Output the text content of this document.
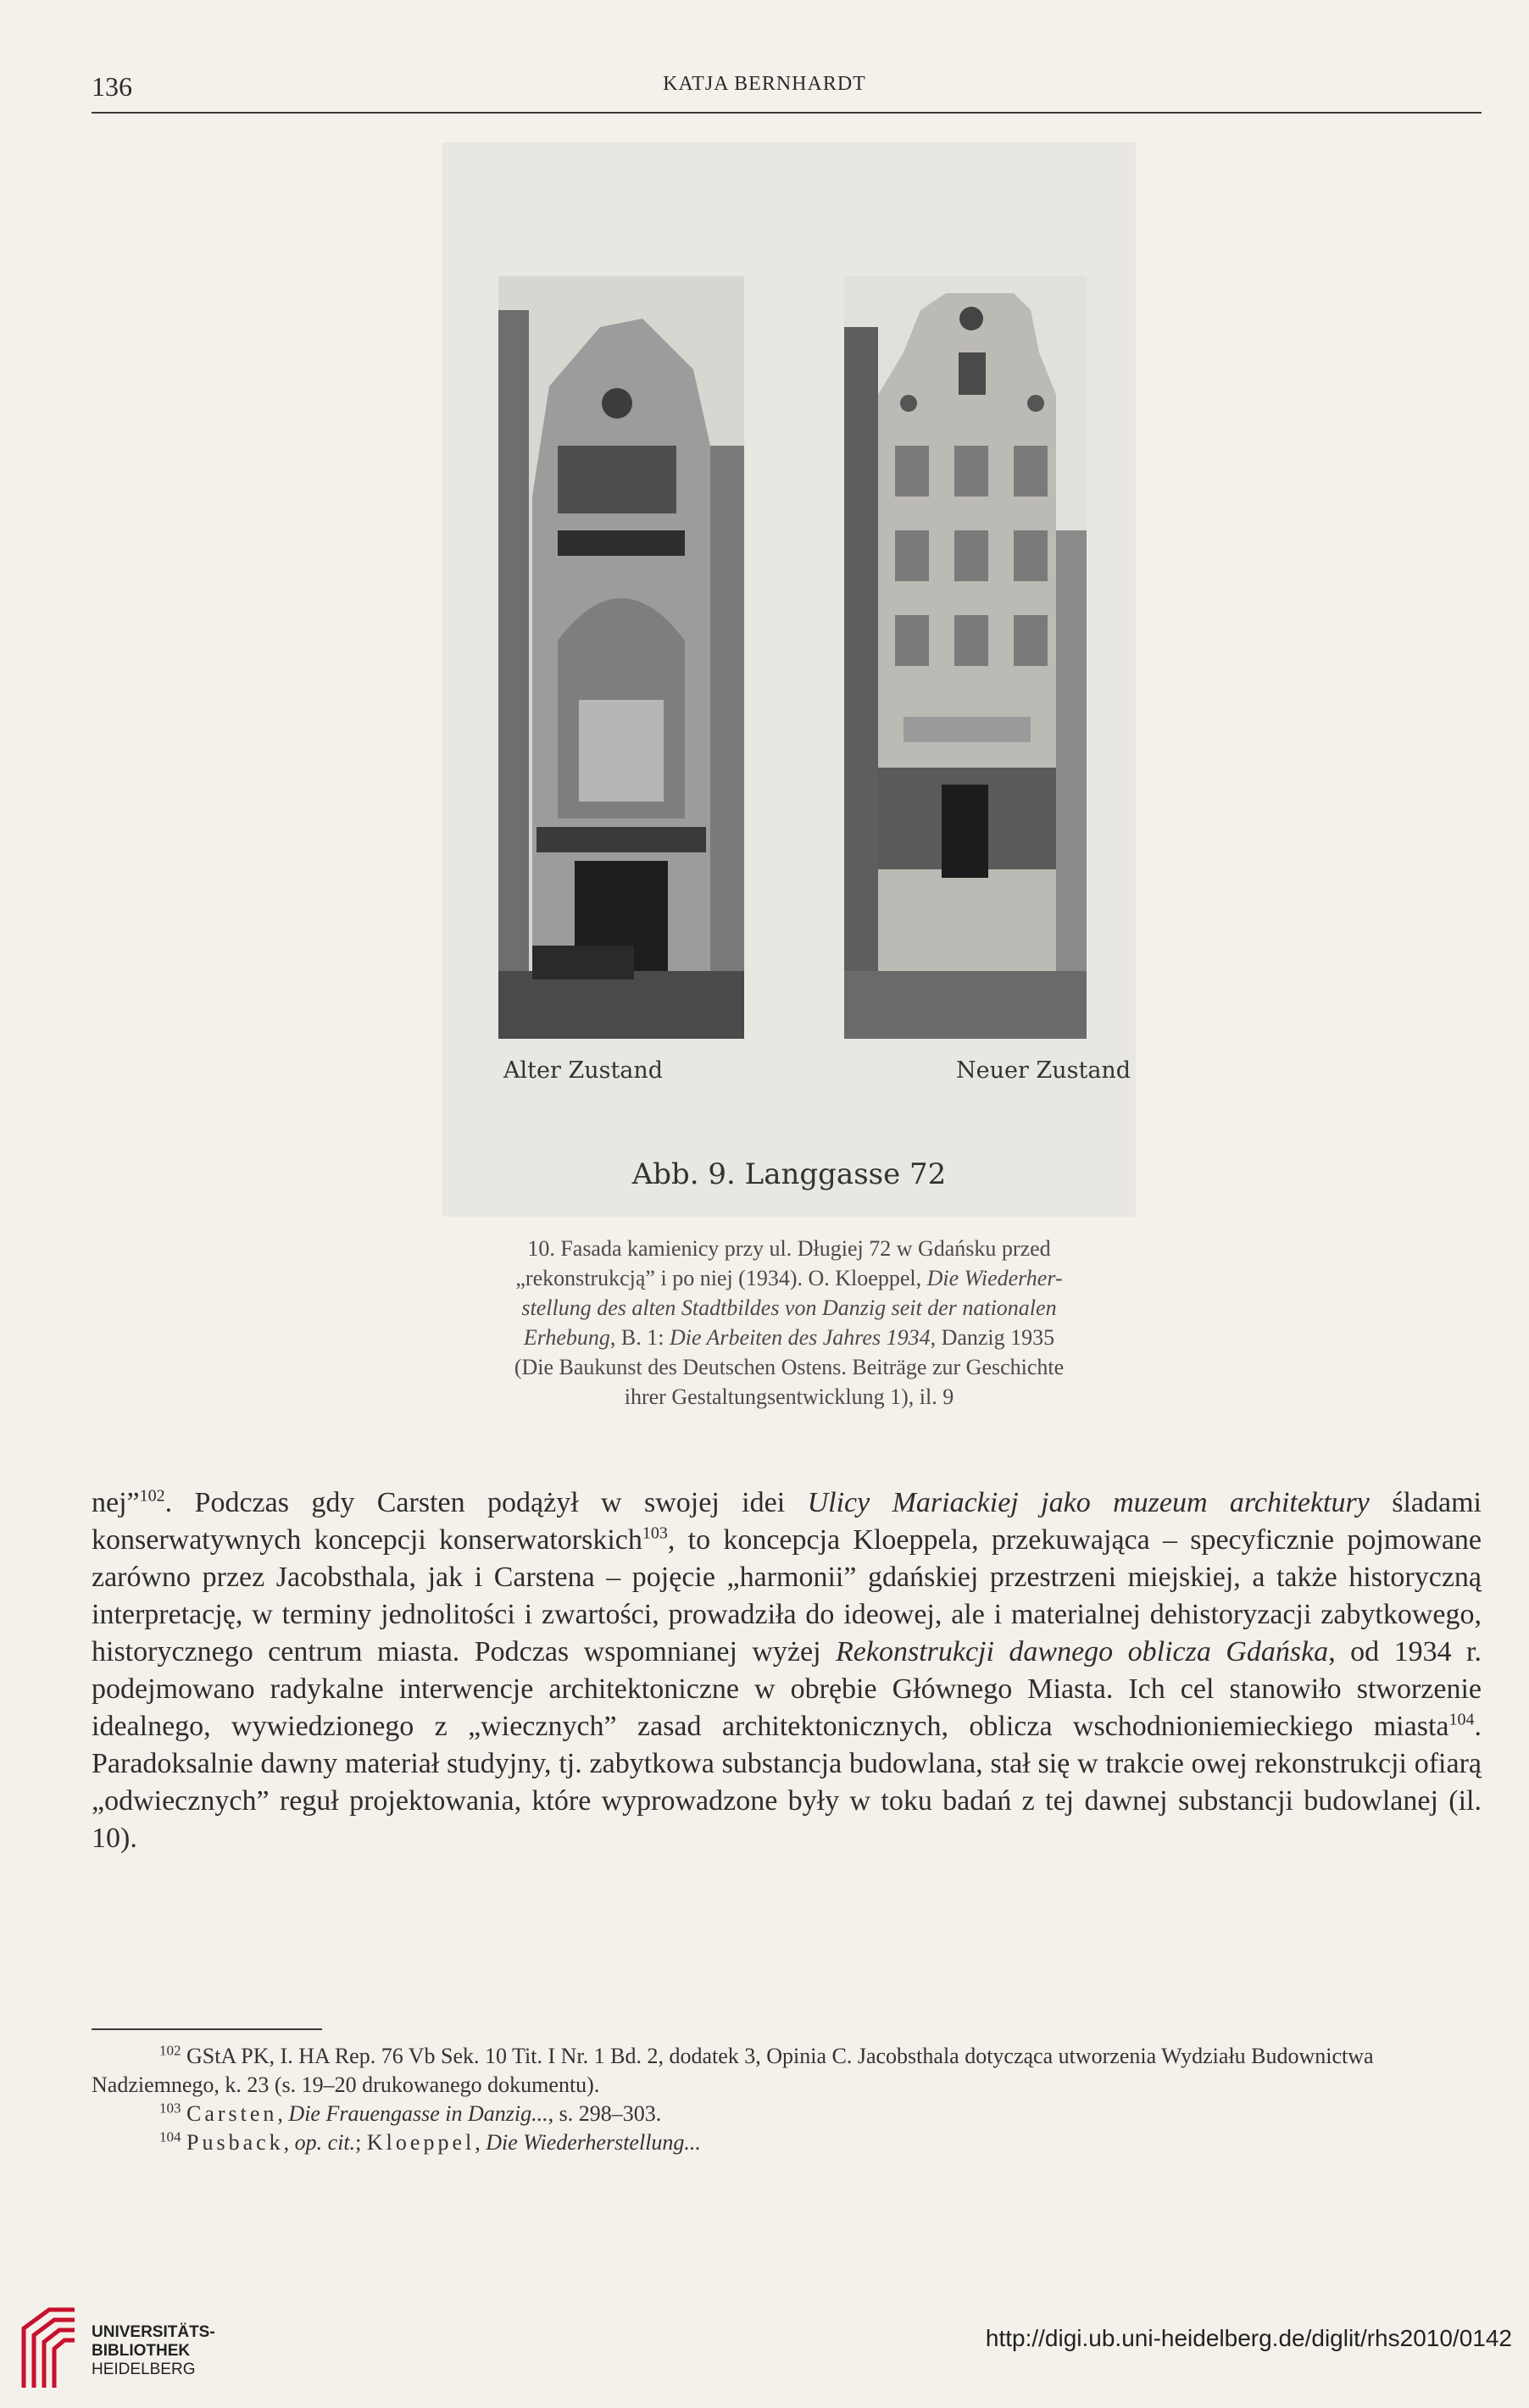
136	KATJA BERNHARDT
Alter Zustand	Neuer Zustand
Abb. 9. Langgasse 72

10. Fasada kamienicy przy ul. Długiej 72 w Gdańsku przed

„rekonstrukcją” i po niej (1934). O. Kloeppel, Die Wiederher-

stellung des alten Stadtbildes von Danzig seit der nationalen

Erhebung, B. 1: Die Arbeiten des Jahres 1934, Danzig 1935

(Die Baukunst des Deutschen Ostens. Beiträge zur Geschichte

ihrer Gestaltungsentwicklung 1), il. 9

nej”$^{102}$. Podczas gdy Carsten podążył w swojej idei Ulicy Mariackiej jako muzeum architektury śladami konserwatywnych koncepcji konserwatorskich$^{103}$, to koncepcja Kloeppela, przekuwająca – specyficznie pojmowane zarówno przez Jacobsthala, jak i Carstena – pojęcie „harmonii” gdańskiej przestrzeni miejskiej, a także historyczną interpretację, w terminy jednolitości i zwartości, prowadziła do ideowej, ale i materialnej dehistoryzacji zabytkowego, historycznego centrum miasta. Podczas wspomnianej wyżej Rekonstrukcji dawnego oblicza Gdańska, od 1934 r. podejmowano radykalne interwencje architektoniczne w obrębie Głównego Miasta. Ich cel stanowiło stworzenie idealnego, wywiedzionego z „wiecznych” zasad architektonicznych, oblicza wschodnioniemieckiego miasta$^{104}$. Paradoksalnie dawny materiał studyjny, tj. zabytkowa substancja budowlana, stał się w trakcie owej rekonstrukcji ofiarą „odwiecznych” reguł projektowania, które wyprowadzone były w toku badań z tej dawnej substancji budowlanej (il. 10).

$^{102}$ GStA PK, I. HA Rep. 76 Vb Sek. 10 Tit. I Nr. 1 Bd. 2, dodatek 3, Opinia C. Jacobsthala dotycząca utworzenia Wydziału Budownictwa Nadziemnego, k. 23 (s. 19–20 drukowanego dokumentu).

$^{103}$ Carsten, Die Frauengasse in Danzig..., s. 298–303.

$^{104}$ Pusback, op. cit.; Kloeppel, Die Wiederherstellung...

UNIVERSITÄTS-
BIBLIOTHEK
HEIDELBERG
http://digi.ub.uni-heidelberg.de/diglit/rhs2010/0142
